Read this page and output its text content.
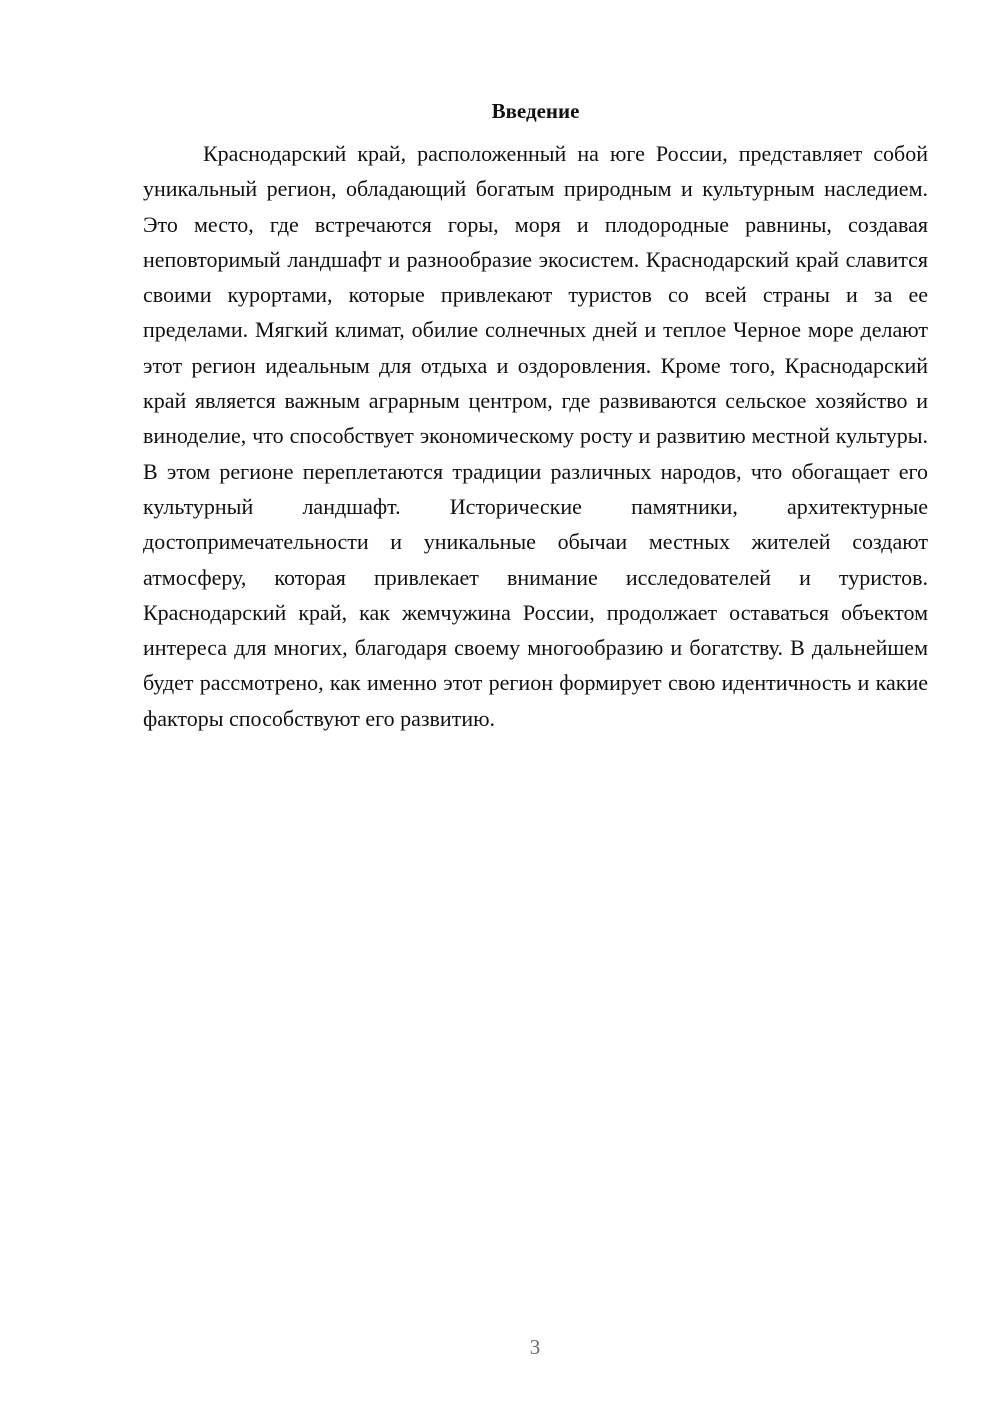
Введение

Краснодарский край, расположенный на юге России, представляет собой уникальный регион, обладающий богатым природным и культурным наследием. Это место, где встречаются горы, моря и плодородные равнины, создавая неповторимый ландшафт и разнообразие экосистем. Краснодарский край славится своими курортами, которые привлекают туристов со всей страны и за ее пределами. Мягкий климат, обилие солнечных дней и теплое Черное море делают этот регион идеальным для отдыха и оздоровления. Кроме того, Краснодарский край является важным аграрным центром, где развиваются сельское хозяйство и виноделие, что способствует экономическому росту и развитию местной культуры. В этом регионе переплетаются традиции различных народов, что обогащает его культурный ландшафт. Исторические памятники, архитектурные достопримечательности и уникальные обычаи местных жителей создают атмосферу, которая привлекает внимание исследователей и туристов. Краснодарский край, как жемчужина России, продолжает оставаться объектом интереса для многих, благодаря своему многообразию и богатству. В дальнейшем будет рассмотрено, как именно этот регион формирует свою идентичность и какие факторы способствуют его развитию.

3
